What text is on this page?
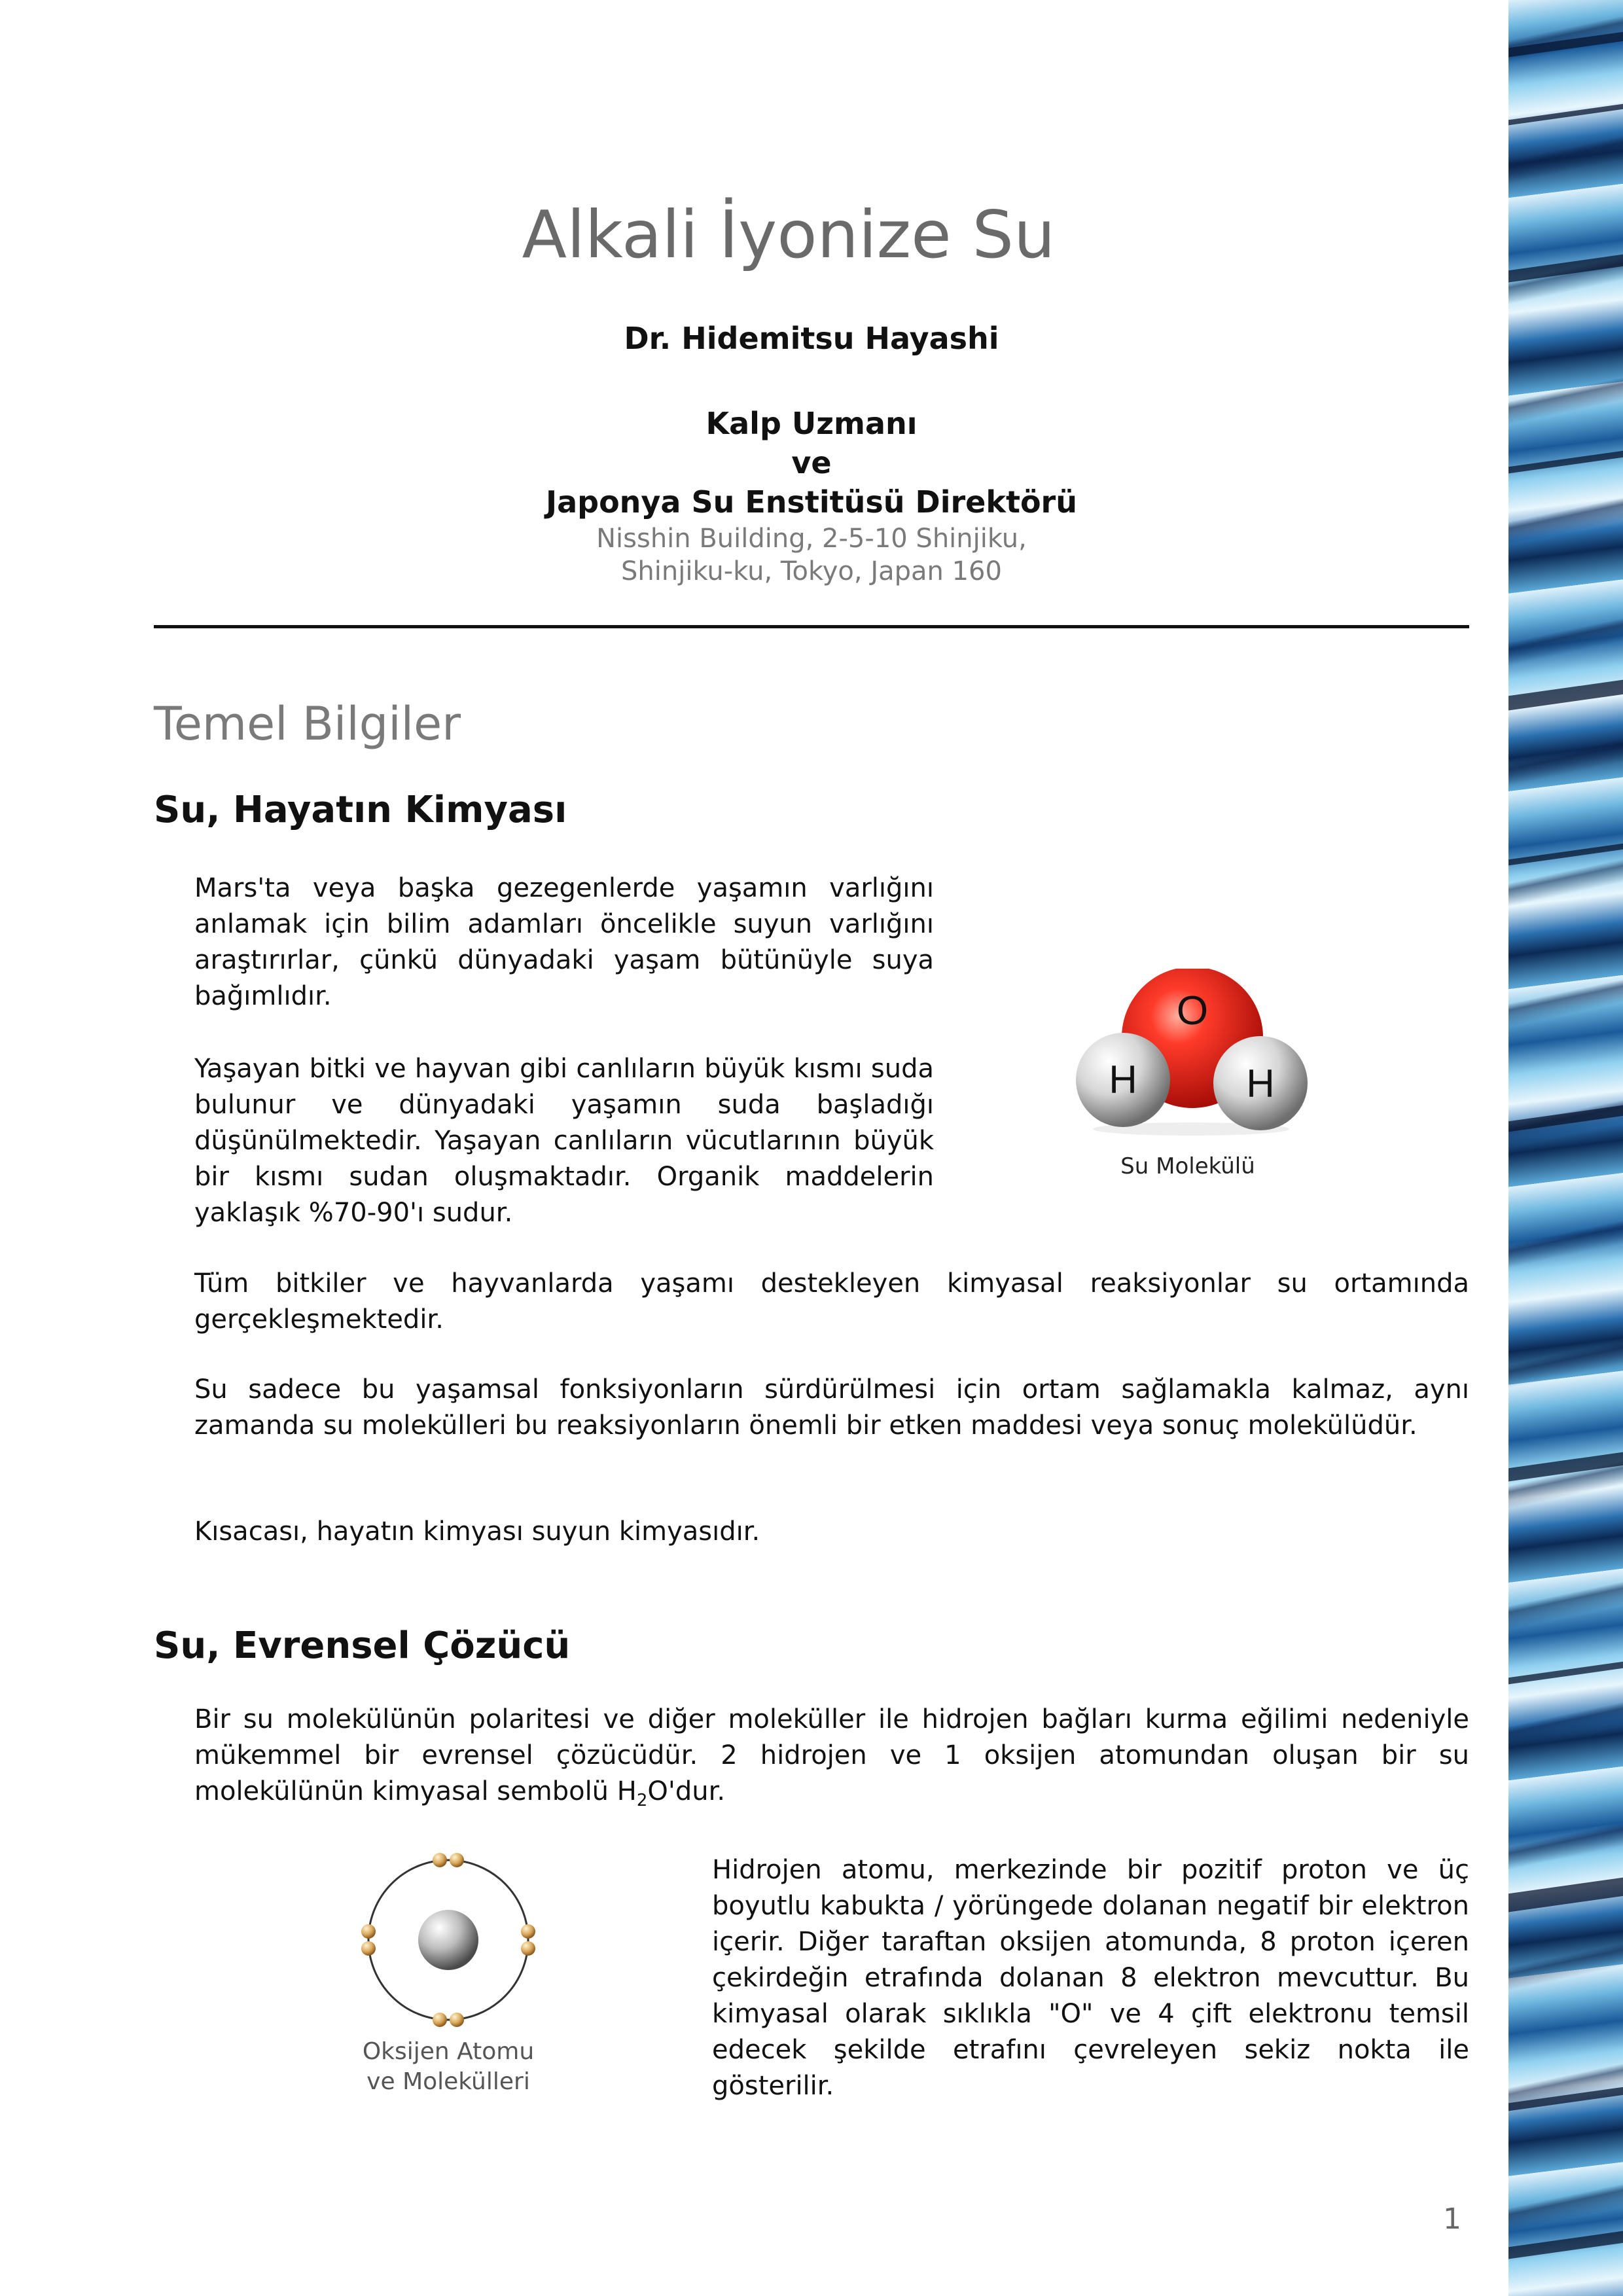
Alkali İyonize Su
Dr. Hidemitsu Hayashi
Kalp Uzmanı
ve
Japonya Su Enstitüsü Direktörü
Nisshin Building, 2-5-10 Shinjiku,
Shinjiku-ku, Tokyo, Japan 160
Temel Bilgiler
Su, Hayatın Kimyası

Mars'ta veya başka gezegenlerde yaşamın varlığını anlamak için bilim adamları öncelikle suyun varlığını araştırırlar, çünkü dünyadaki yaşam bütünüyle suya bağımlıdır.

Yaşayan bitki ve hayvan gibi canlıların büyük kısmı suda bulunur ve dünyadaki yaşamın suda başladığı düşünülmektedir. Yaşayan canlıların vücutlarının büyük bir kısmı sudan oluşmaktadır. Organik maddelerin yaklaşık %70-90'ı sudur.

O
H	H
Su Molekülü

Tüm bitkiler ve hayvanlarda yaşamı destekleyen kimyasal reaksiyonlar su ortamında gerçekleşmektedir.

Su sadece bu yaşamsal fonksiyonların sürdürülmesi için ortam sağlamakla kalmaz, aynı zamanda su molekülleri bu reaksiyonların önemli bir etken maddesi veya sonuç molekülüdür.

Kısacası, hayatın kimyası suyun kimyasıdır.

Su, Evrensel Çözücü

Bir su molekülünün polaritesi ve diğer moleküller ile hidrojen bağları kurma eğilimi nedeniyle mükemmel bir evrensel çözücüdür. 2 hidrojen ve 1 oksijen atomundan oluşan bir su molekülünün kimyasal sembolü $H_2O'dur$.

Oksijen Atomu
ve Molekülleri

Hidrojen atomu, merkezinde bir pozitif proton ve üç boyutlu kabukta / yörüngede dolanan negatif bir elektron içerir. Diğer taraftan oksijen atomunda, 8 proton içeren çekirdeğin etrafında dolanan 8 elektron mevcuttur. Bu kimyasal olarak sıklıkla "O" ve 4 çift elektronu temsil edecek şekilde etrafını çevreleyen sekiz nokta ile gösterilir.

1
